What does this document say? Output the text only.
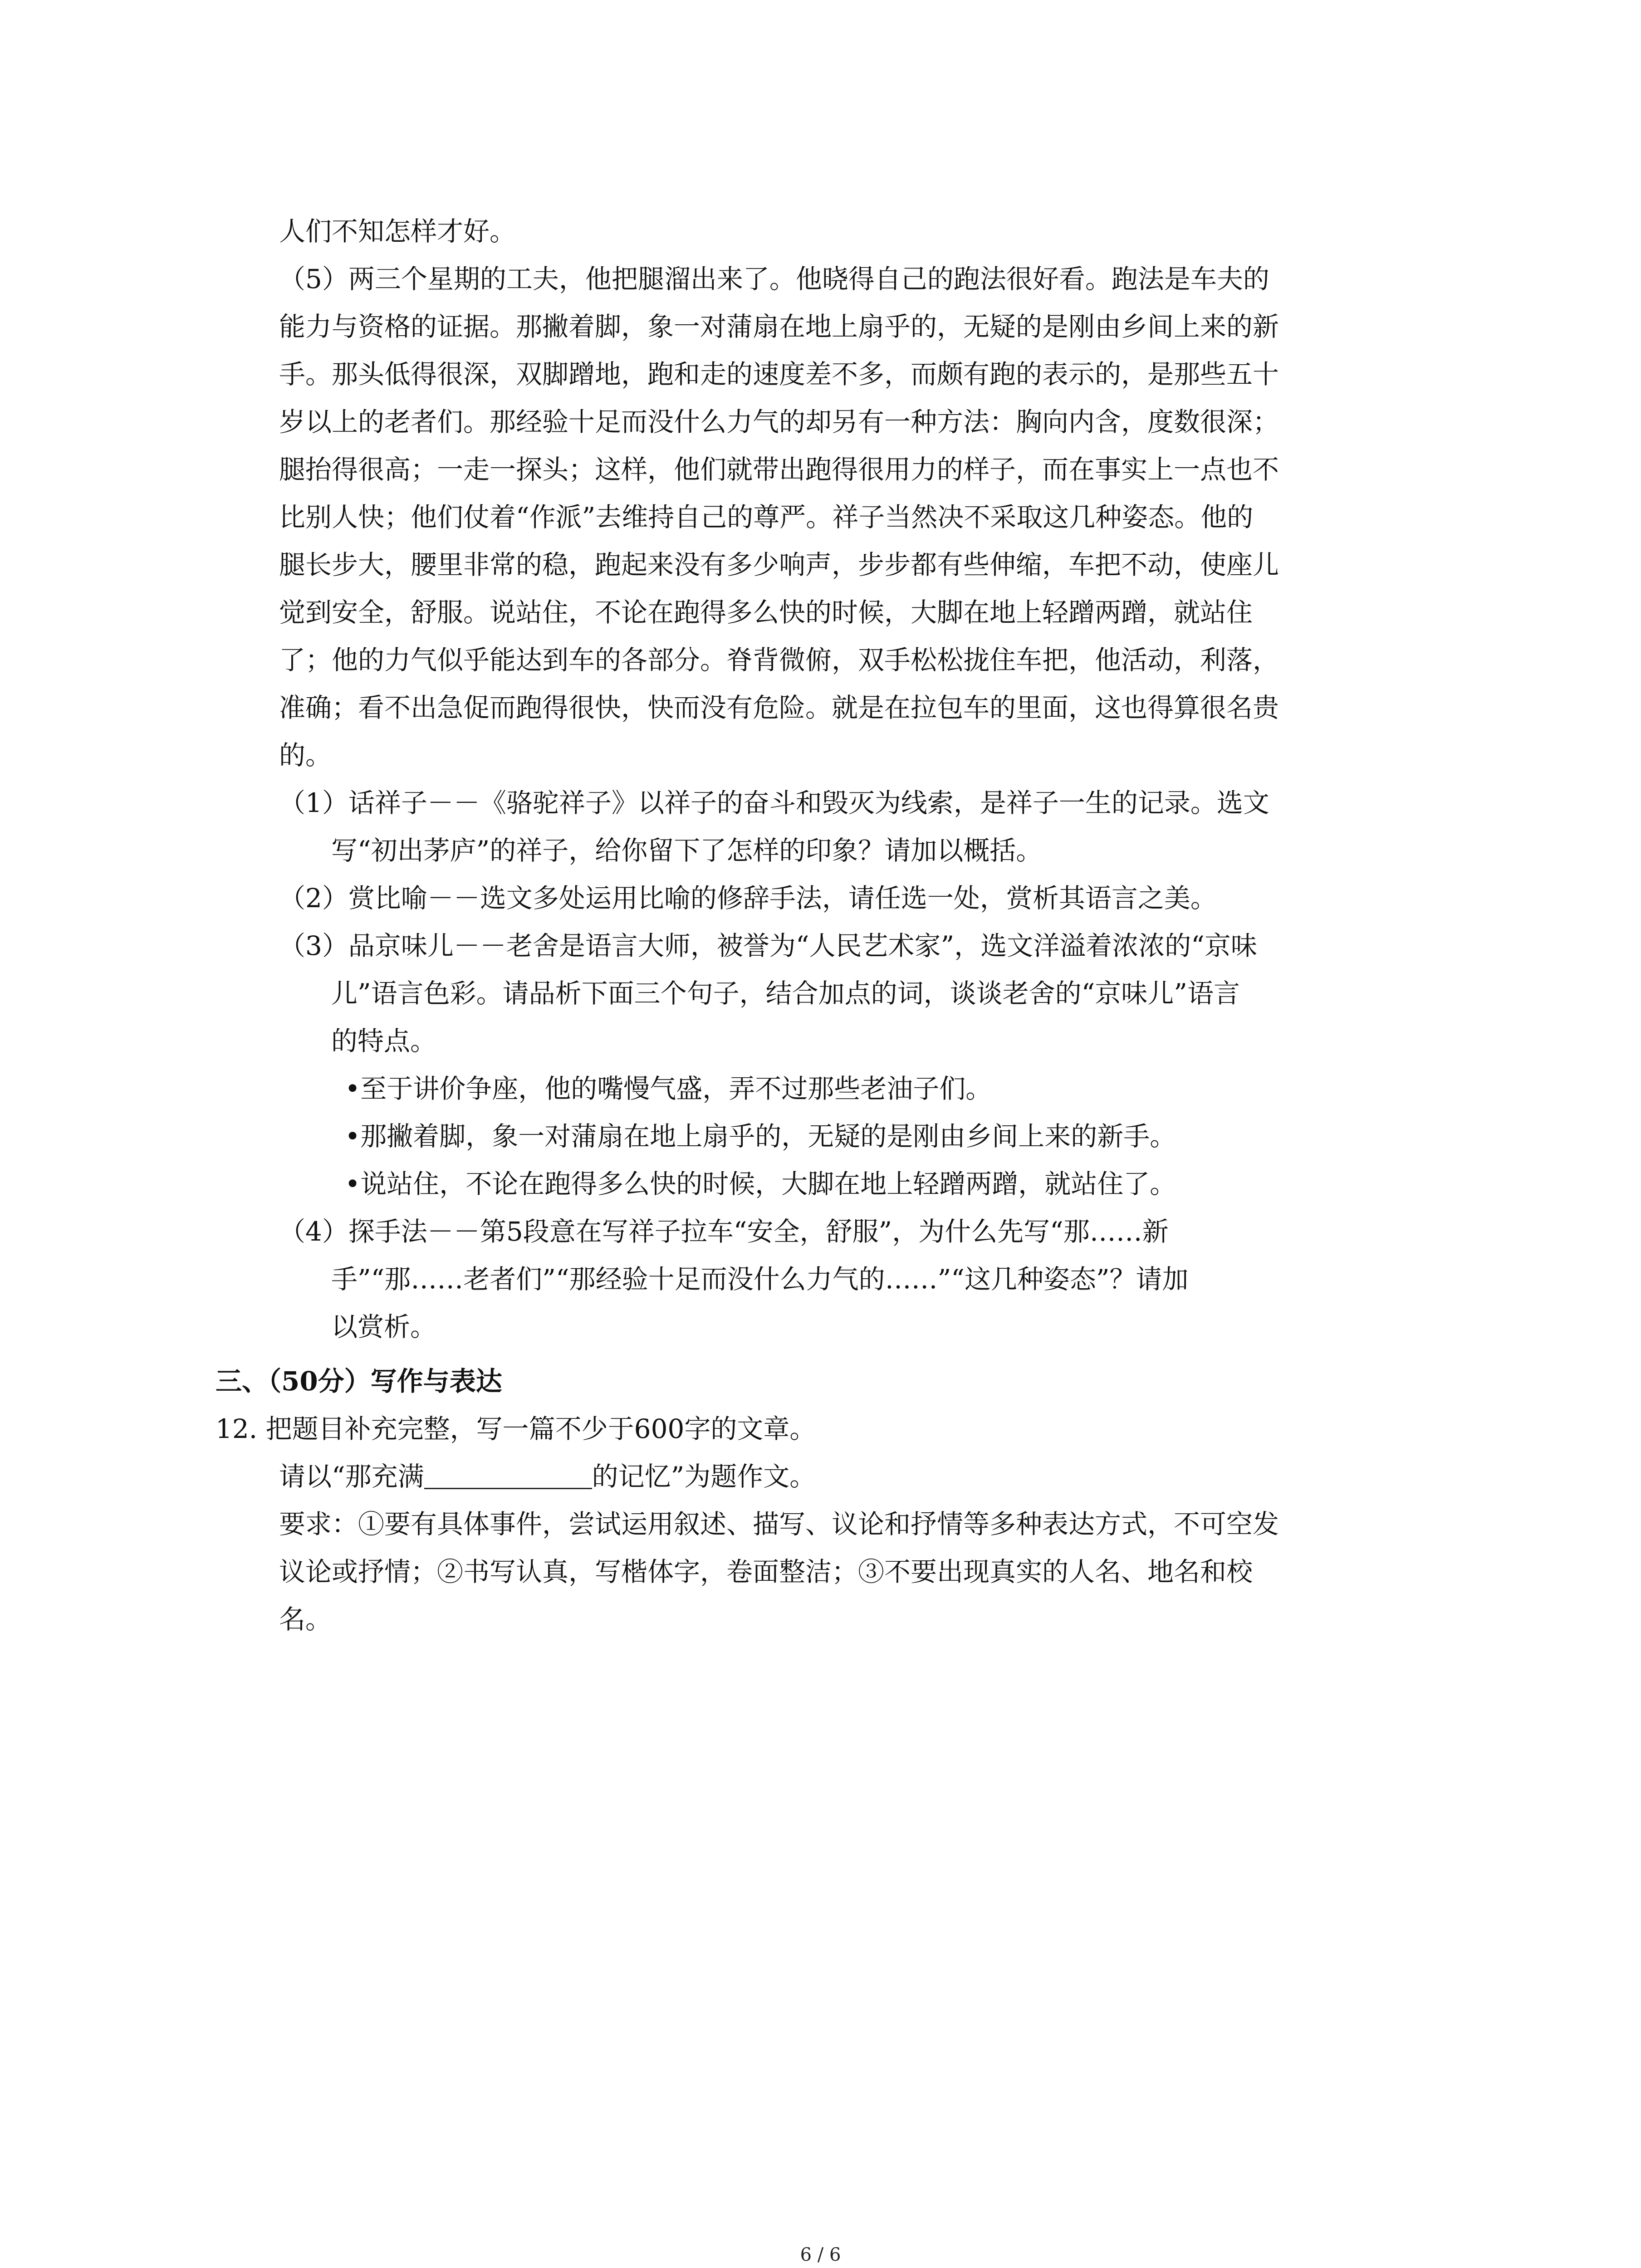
人们不知怎样才好。
（5）两三个星期的工夫，他把腿溜出来了。他晓得自己的跑法很好看。跑法是车夫的
能力与资格的证据。那撇着脚，象一对蒲扇在地上扇乎的，无疑的是刚由乡间上来的新
手。那头低得很深，双脚蹭地，跑和走的速度差不多，而颇有跑的表示的，是那些五十
岁以上的老者们。那经验十足而没什么力气的却另有一种方法：胸向内含，度数很深；
腿抬得很高；一走一探头；这样，他们就带出跑得很用力的样子，而在事实上一点也不
比别人快；他们仗着“作派”去维持自己的尊严。祥子当然决不采取这几种姿态。他的
腿长步大，腰里非常的稳，跑起来没有多少响声，步步都有些伸缩，车把不动，使座儿
觉到安全，舒服。说站住，不论在跑得多么快的时候，大脚在地上轻蹭两蹭，就站住
了；他的力气似乎能达到车的各部分。脊背微俯，双手松松拢住车把，他活动，利落，
准确；看不出急促而跑得很快，快而没有危险。就是在拉包车的里面，这也得算很名贵
的。
（1）话祥子－－《骆驼祥子》以祥子的奋斗和毁灭为线索，是祥子一生的记录。选文
写“初出茅庐”的祥子，给你留下了怎样的印象？请加以概括。
（2）赏比喻－－选文多处运用比喻的修辞手法，请任选一处，赏析其语言之美。
（3）品京味儿－－老舍是语言大师，被誉为“人民艺术家”，选文洋溢着浓浓的“京味
儿”语言色彩。请品析下面三个句子，结合加点的词，谈谈老舍的“京味儿”语言
的特点。
•至于讲价争座，他的嘴慢气盛，弄不过那些老油子们。
•那撇着脚，象一对蒲扇在地上扇乎的，无疑的是刚由乡间上来的新手。
•说站住，不论在跑得多么快的时候，大脚在地上轻蹭两蹭，就站住了。
（4）探手法－－第5段意在写祥子拉车“安全，舒服”，为什么先写“那……新
手”“那……老者们”“那经验十足而没什么力气的……”“这几种姿态”？请加
以赏析。
三、（50分）写作与表达
12. 把题目补充完整，写一篇不少于600字的文章。
请以“那充满	的记忆”为题作文。
要求：①要有具体事件，尝试运用叙述、描写、议论和抒情等多种表达方式，不可空发
议论或抒情；②书写认真，写楷体字，卷面整洁；③不要出现真实的人名、地名和校
名。
6 / 6
